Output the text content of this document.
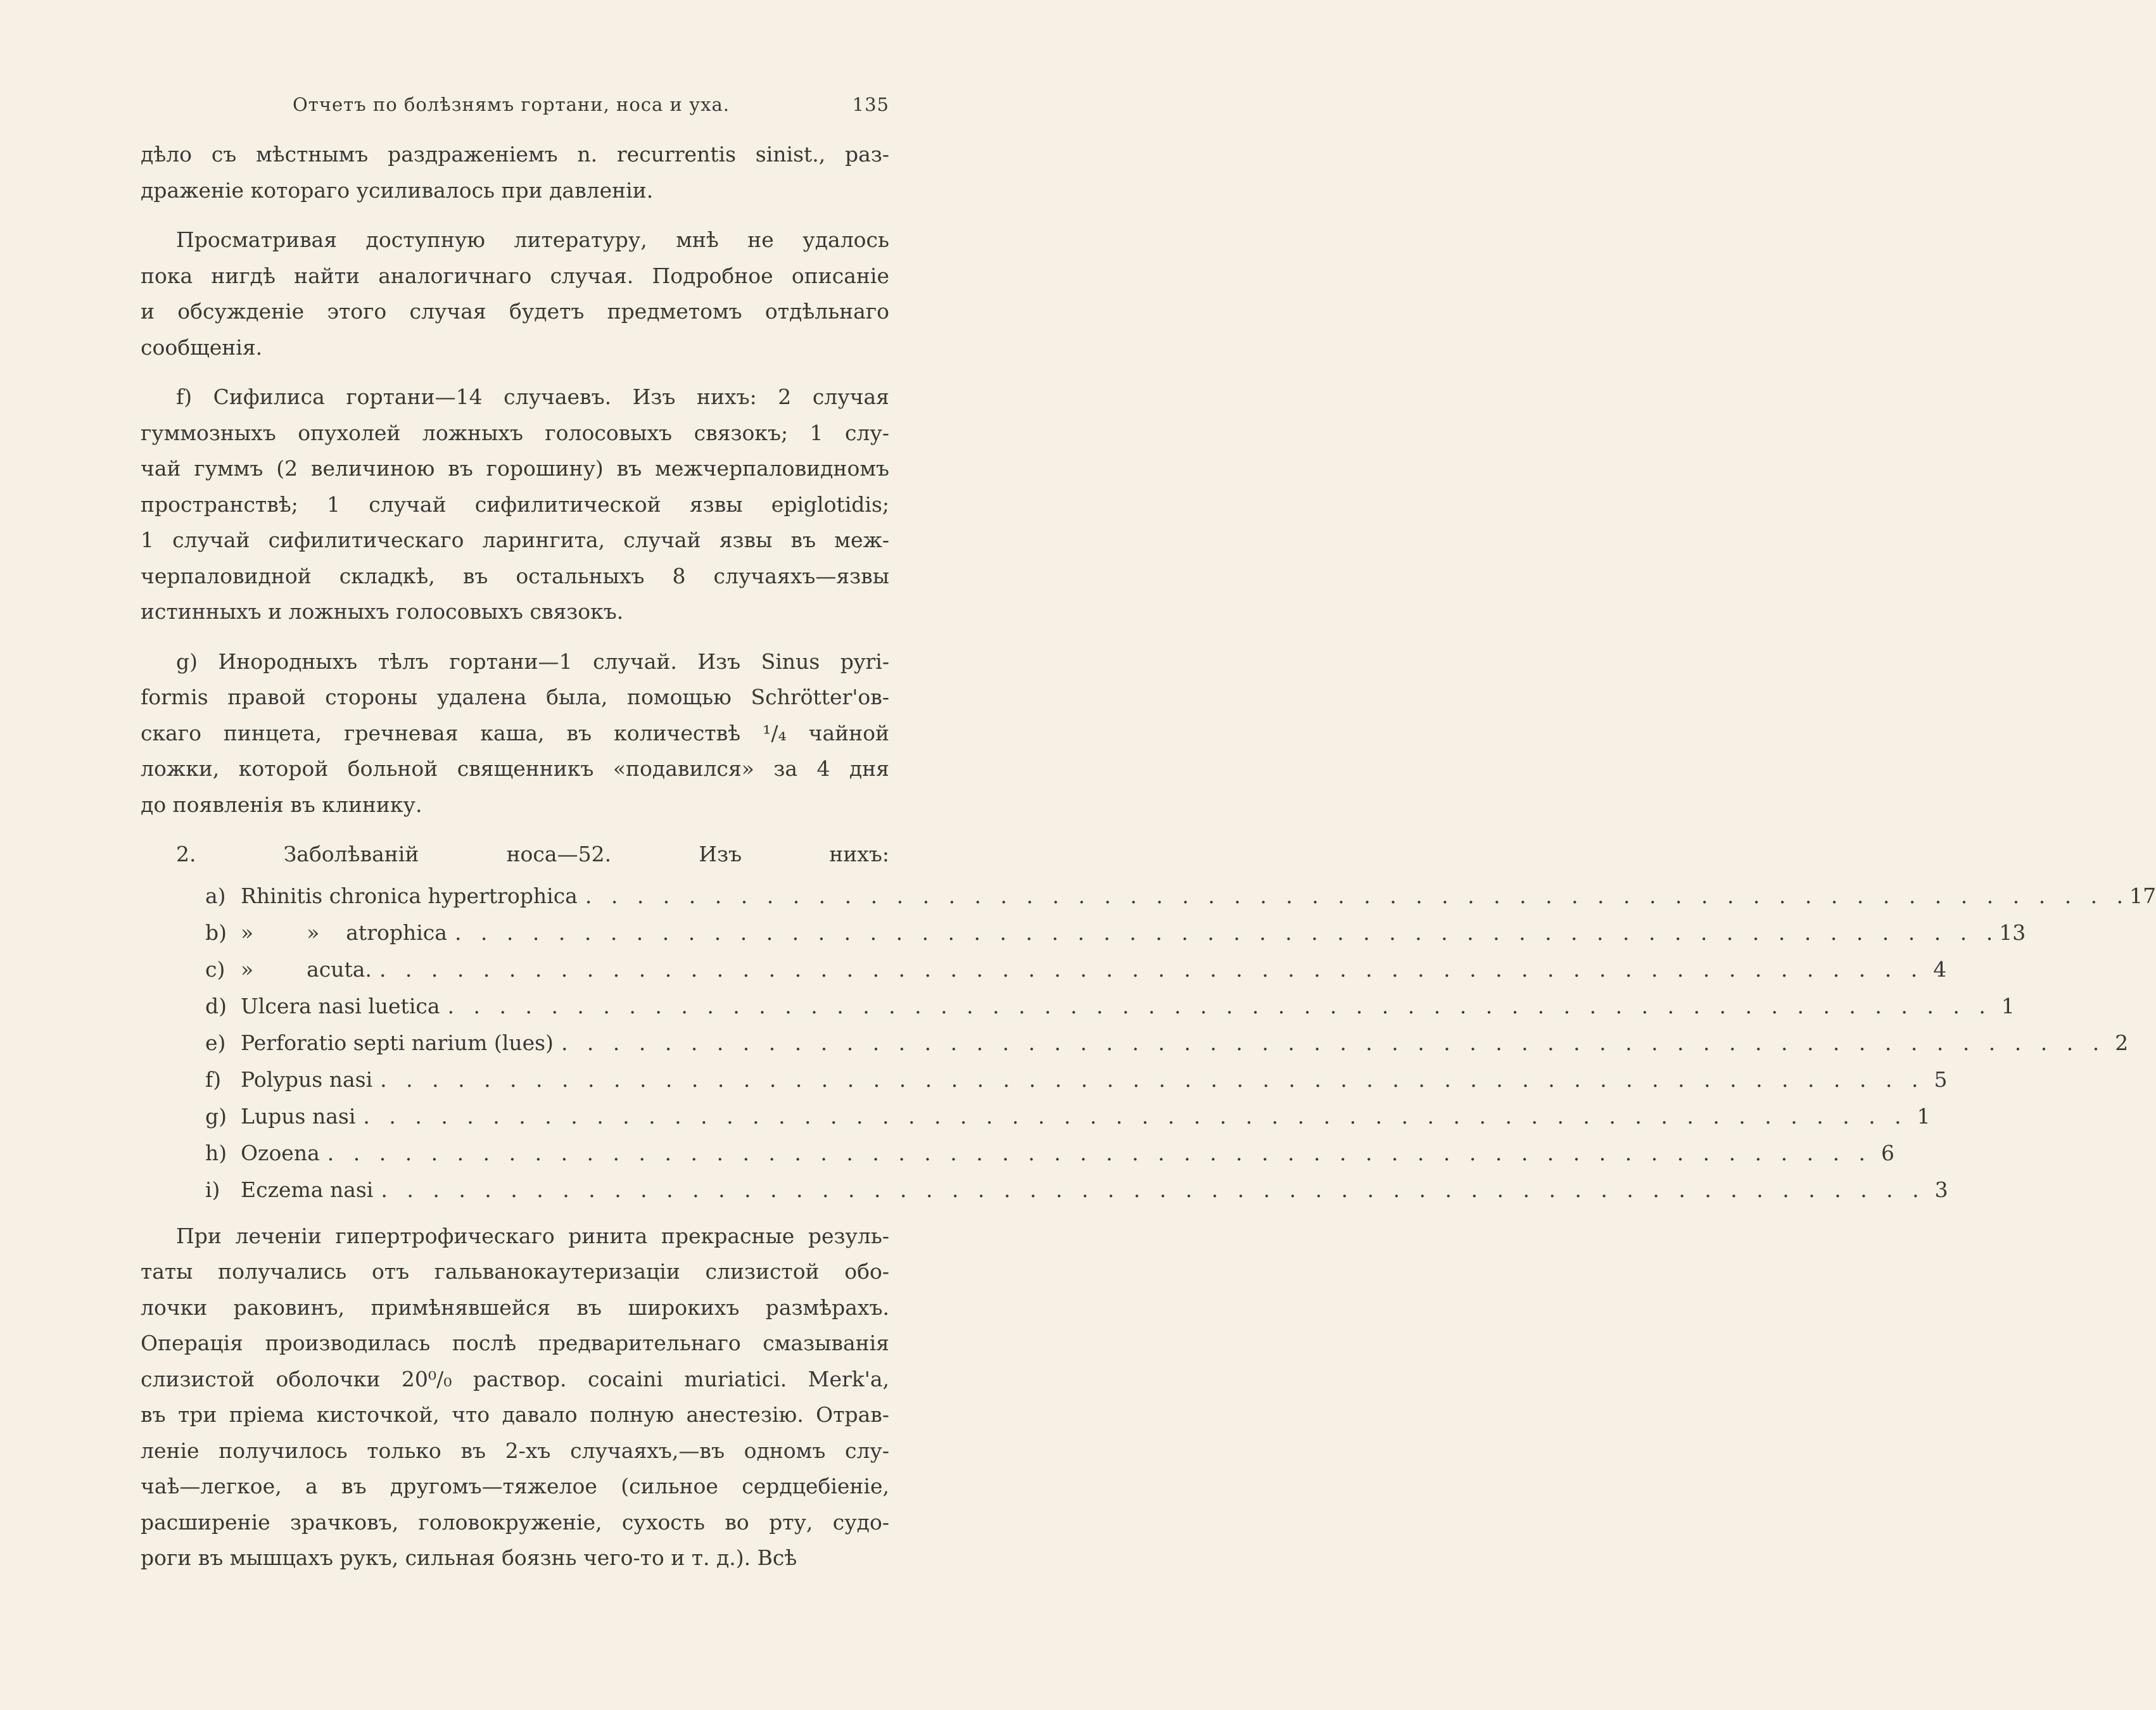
Отчетъ по болѣзнямъ гортани, носа и уха.	135

дѣло съ мѣстнымъ раздраженіемъ n. recurrentis sinist., раз-

драженіе котораго усиливалось при давленіи.

Просматривая доступную литературу, мнѣ не удалось

пока нигдѣ найти аналогичнаго случая. Подробное описаніе

и обсужденіе этого случая будетъ предметомъ отдѣльнаго

сообщенія.

f) Сифилиса гортани—14 случаевъ. Изъ нихъ: 2 случая

гуммозныхъ опухолей ложныхъ голосовыхъ связокъ; 1 слу-

чай гуммъ (2 величиною въ горошину) въ межчерпаловидномъ

пространствѣ; 1 случай сифилитической язвы epiglotidis;

1 случай сифилитическаго ларингита, случай язвы въ меж-

черпаловидной складкѣ, въ остальныхъ 8 случаяхъ—язвы

истинныхъ и ложныхъ голосовыхъ связокъ.

g) Инородныхъ тѣлъ гортани—1 случай. Изъ Sinus pyri-

formis правой стороны удалена была, помощью Schrötter'ов-

скаго пинцета, гречневая каша, въ количествѣ ¹/₄ чайной

ложки, которой больной священникъ «подавился» за 4 дня

до появленія въ клинику.

2. Заболѣваній носа—52. Изъ нихъ:

a) Rhinitis chronica hypertrophica . . . . . . . . . . . . . . . . . . . . . . . . . . . . . . . . . . . . . . . . . . . . . . . . . . . . . . . . . . . . 17
b) »        »    atrophica . . . . . . . . . . . . . . . . . . . . . . . . . . . . . . . . . . . . . . . . . . . . . . . . . . . . . . . . . . . . 13
c) »        acuta. . . . . . . . . . . . . . . . . . . . . . . . . . . . . . . . . . . . . . . . . . . . . . . . . . . . . . . . . . . . . 4
d) Ulcera nasi luetica . . . . . . . . . . . . . . . . . . . . . . . . . . . . . . . . . . . . . . . . . . . . . . . . . . . . . . . . . . . . 1
e) Perforatio septi narium (lues) . . . . . . . . . . . . . . . . . . . . . . . . . . . . . . . . . . . . . . . . . . . . . . . . . . . . . . . . . . . . 2
f) Polypus nasi . . . . . . . . . . . . . . . . . . . . . . . . . . . . . . . . . . . . . . . . . . . . . . . . . . . . . . . . . . . . 5
g) Lupus nasi . . . . . . . . . . . . . . . . . . . . . . . . . . . . . . . . . . . . . . . . . . . . . . . . . . . . . . . . . . . . 1
h) Ozoena . . . . . . . . . . . . . . . . . . . . . . . . . . . . . . . . . . . . . . . . . . . . . . . . . . . . . . . . . . . . 6
i) Eczema nasi . . . . . . . . . . . . . . . . . . . . . . . . . . . . . . . . . . . . . . . . . . . . . . . . . . . . . . . . . . . . 3

При леченіи гипертрофическаго ринита прекрасные резуль-

таты получались отъ гальванокаутеризаціи слизистой обо-

лочки раковинъ, примѣнявшейся въ широкихъ размѣрахъ.

Операція производилась послѣ предварительнаго смазыванія

слизистой оболочки 20⁰/₀ раствор. cocaini muriatici. Merk'а,

въ три пріема кисточкой, что давало полную анестезію. Отрав-

леніе получилось только въ 2-хъ случаяхъ,—въ одномъ слу-

чаѣ—легкое, а въ другомъ—тяжелое (сильное сердцебіеніе,

расширеніе зрачковъ, головокруженіе, сухость во рту, судо-

роги въ мышцахъ рукъ, сильная боязнь чего-то и т. д.). Всѣ
